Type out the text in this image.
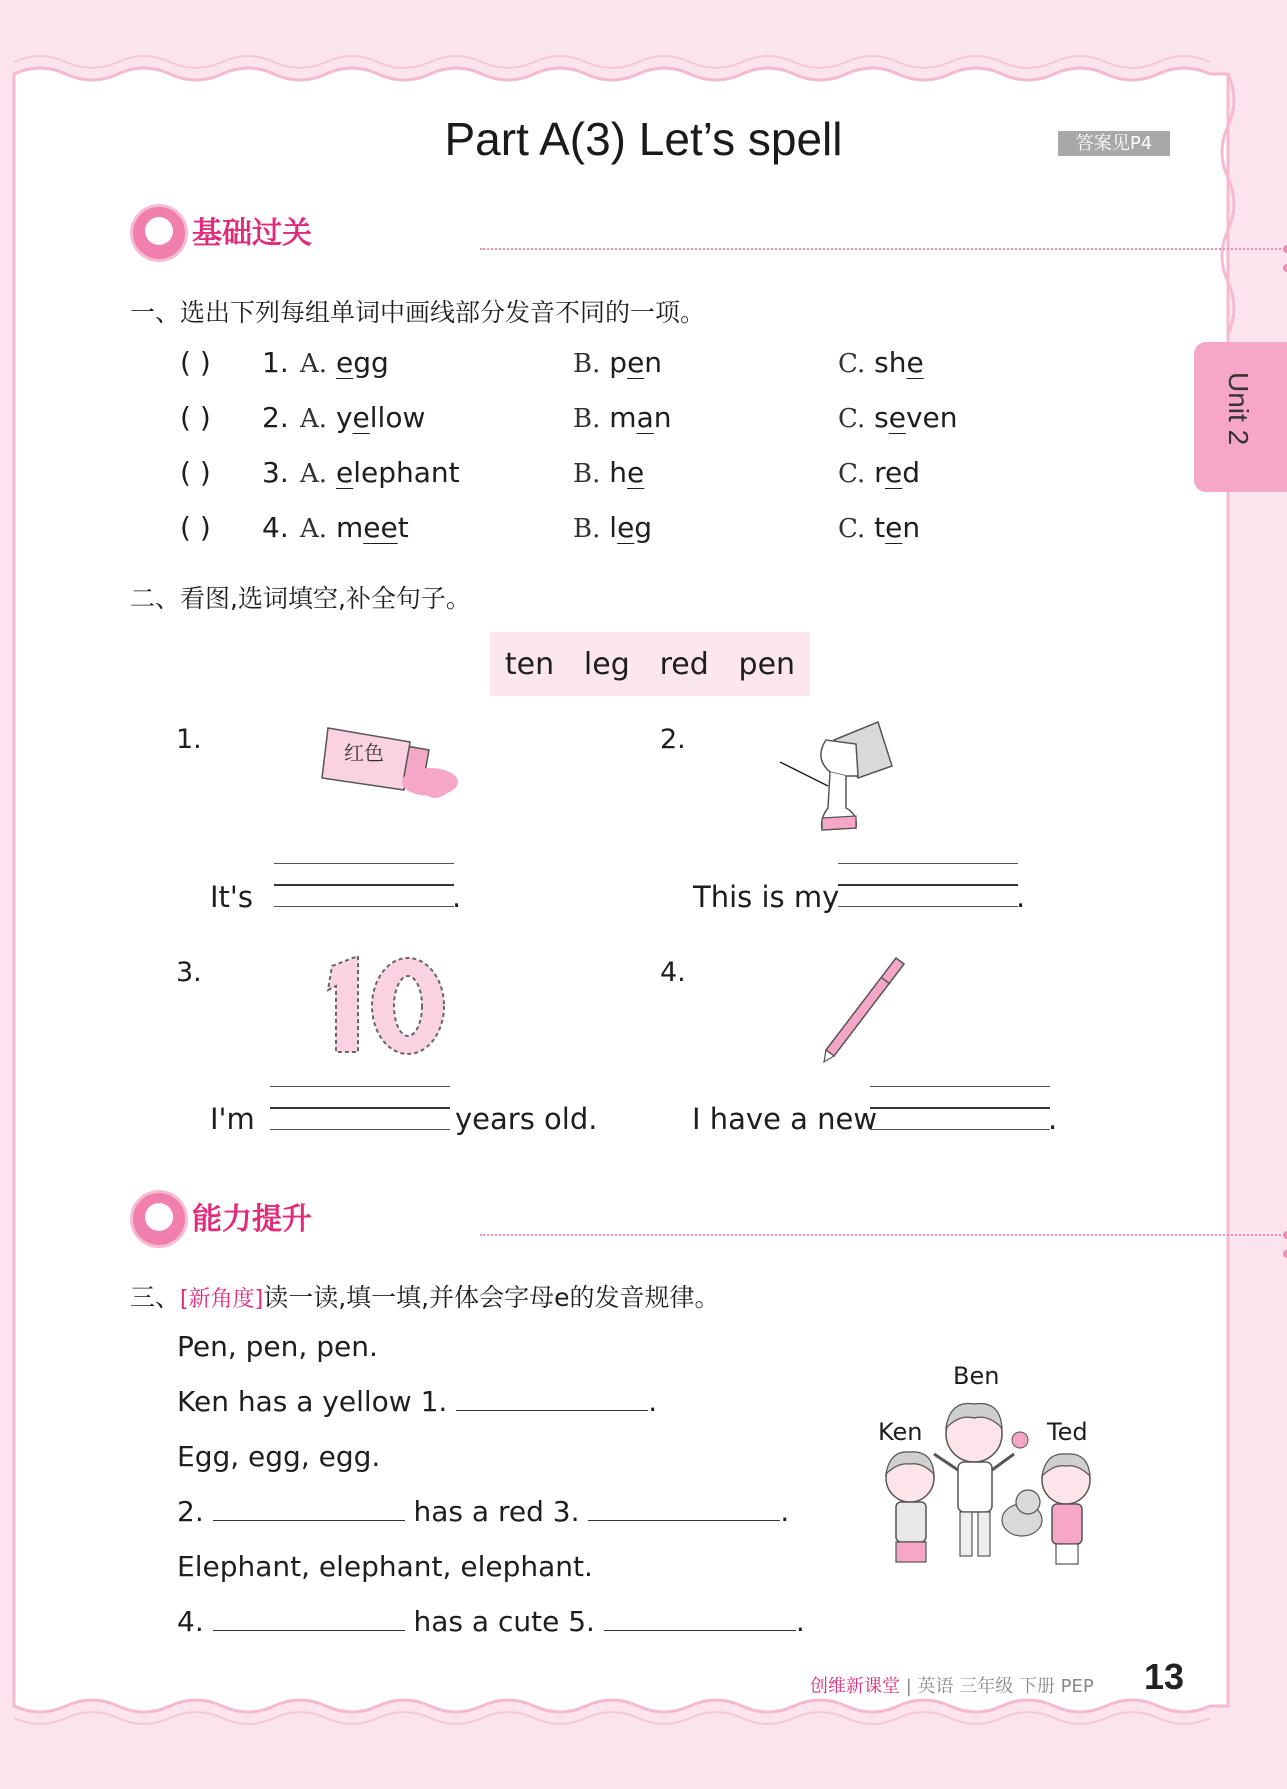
Unit 2
Part A(3) Let’s spell	答案见P4
基础过关
一、选出下列每组单词中画线部分发音不同的一项。
( ) 1. A. egg	B. pen	C. she
( ) 2. A. yellow	B. man	C. seven
( ) 3. A. elephant	B. he	C. red
( ) 4. A. meet	B. leg	C. ten
二、看图,选词填空,补全句子。
ten leg red pen
1.	红色
It's	.
2.
This is my	.
3.
I'm	years old.
4.
I have a new	.
能力提升
三、[新角度]读一读,填一填,并体会字母e的发音规律。
Pen, pen, pen.
Ken has a yellow 1.	.
Egg, egg, egg.
2.	has a red 3.	.
Elephant, elephant, elephant.
4.	has a cute 5.	.
Ben
Ken	Ted
创维新课堂 | 英语 三年级 下册 PEP 13
